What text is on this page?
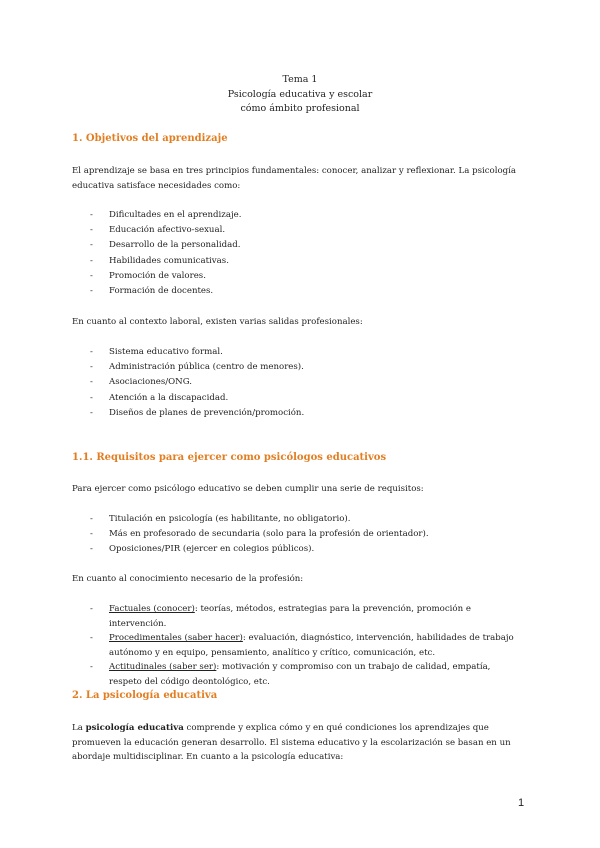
Tema 1
Psicología educativa y escolar
cómo ámbito profesional
1. Objetivos del aprendizaje
El aprendizaje se basa en tres principios fundamentales: conocer, analizar y reflexionar. La psicología educativa satisface necesidades como:
- Dificultades en el aprendizaje.
- Educación afectivo-sexual.
- Desarrollo de la personalidad.
- Habilidades comunicativas.
- Promoción de valores.
- Formación de docentes.
En cuanto al contexto laboral, existen varias salidas profesionales:
- Sistema educativo formal.
- Administración pública (centro de menores).
- Asociaciones/ONG.
- Atención a la discapacidad.
- Diseños de planes de prevención/promoción.
1.1. Requisitos para ejercer como psicólogos educativos
Para ejercer como psicólogo educativo se deben cumplir una serie de requisitos:
- Titulación en psicología (es habilitante, no obligatorio).
- Más en profesorado de secundaria (solo para la profesión de orientador).
- Oposiciones/PIR (ejercer en colegios públicos).
En cuanto al conocimiento necesario de la profesión:
- Factuales (conocer): teorías, métodos, estrategias para la prevención, promoción e intervención.
- Procedimentales (saber hacer): evaluación, diagnóstico, intervención, habilidades de trabajo autónomo y en equipo, pensamiento, analítico y crítico, comunicación, etc.
- Actitudinales (saber ser): motivación y compromiso con un trabajo de calidad, empatía, respeto del código deontológico, etc.
2. La psicología educativa
La psicología educativa comprende y explica cómo y en qué condiciones los aprendizajes que promueven la educación generan desarrollo. El sistema educativo y la escolarización se basan en un abordaje multidisciplinar. En cuanto a la psicología educativa:
1
